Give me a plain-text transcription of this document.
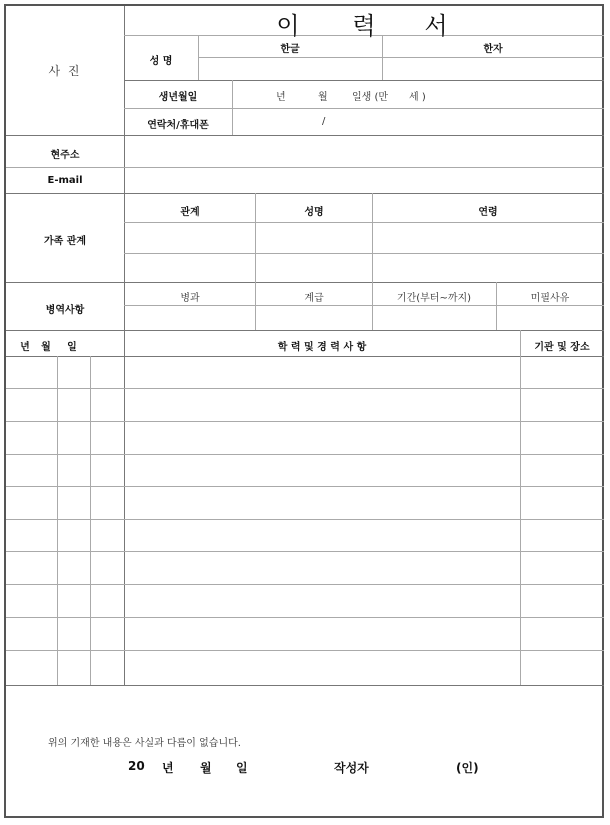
이 력 서
사 진
성 명
한글	한자
생년월일	년	월 일생 (만 세 )
연락처/휴대폰	/
현주소
E-mail
가족 관계
관계	성명	연령
병역사항
병과	계급	기간(부터~까지)	미필사유
년 월 일	학 력 및 경 력 사 항	기관 및 장소
위의 기재한 내용은 사실과 다름이 없습니다.
20 년 월 일	작성자	(인)
